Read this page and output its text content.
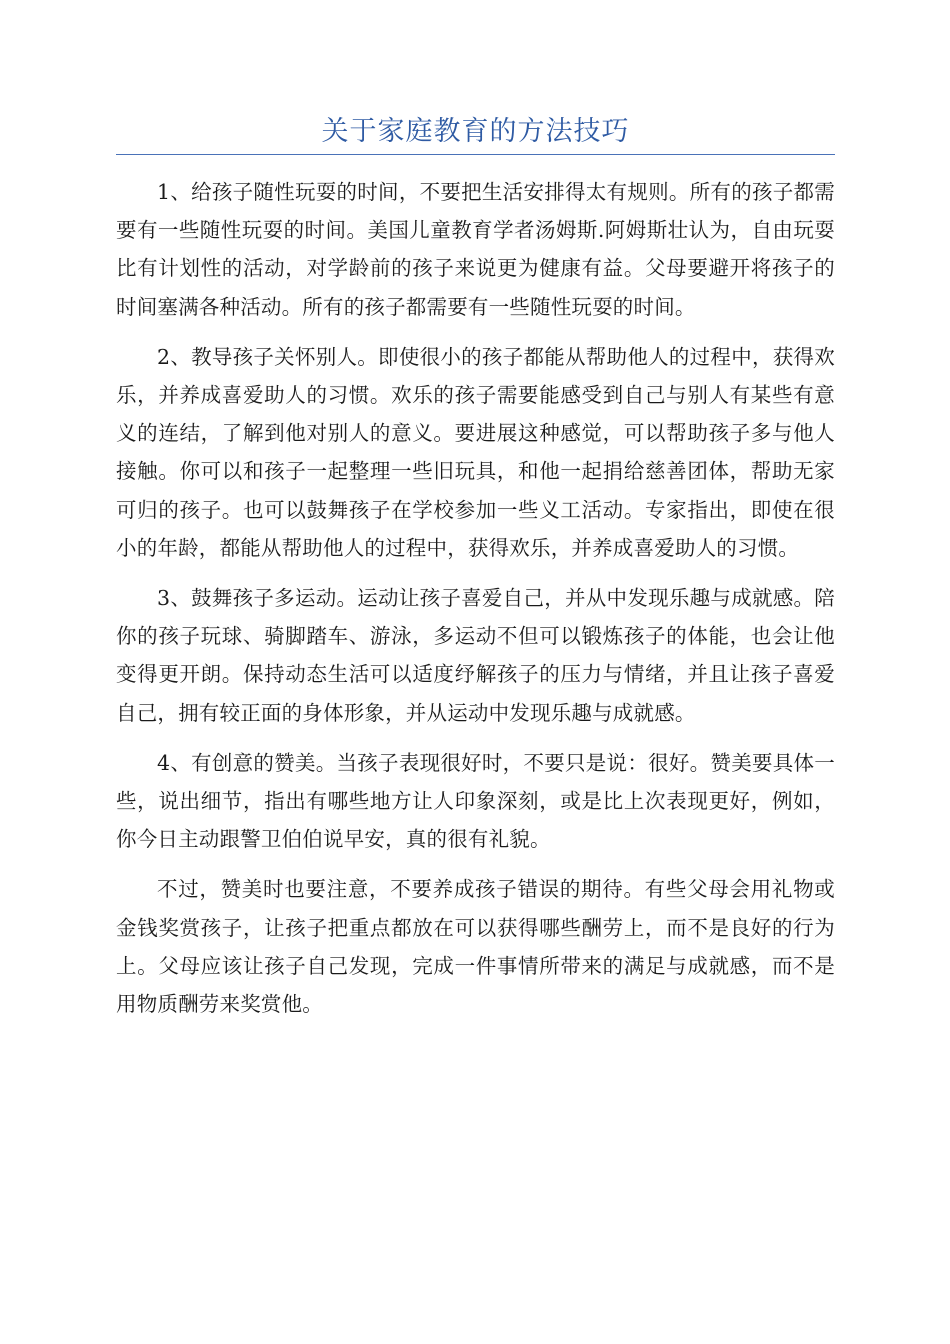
关于家庭教育的方法技巧

1、给孩子随性玩耍的时间，不要把生活安排得太有规则。所有的孩子都需要有一些随性玩耍的时间。美国儿童教育学者汤姆斯.阿姆斯壮认为，自由玩耍比有计划性的活动，对学龄前的孩子来说更为健康有益。父母要避开将孩子的时间塞满各种活动。所有的孩子都需要有一些随性玩耍的时间。

2、教导孩子关怀别人。即使很小的孩子都能从帮助他人的过程中，获得欢乐，并养成喜爱助人的习惯。欢乐的孩子需要能感受到自己与别人有某些有意义的连结，了解到他对别人的意义。要进展这种感觉，可以帮助孩子多与他人接触。你可以和孩子一起整理一些旧玩具，和他一起捐给慈善团体，帮助无家可归的孩子。也可以鼓舞孩子在学校参加一些义工活动。专家指出，即使在很小的年龄，都能从帮助他人的过程中，获得欢乐，并养成喜爱助人的习惯。

3、鼓舞孩子多运动。运动让孩子喜爱自己，并从中发现乐趣与成就感。陪你的孩子玩球、骑脚踏车、游泳，多运动不但可以锻炼孩子的体能，也会让他变得更开朗。保持动态生活可以适度纾解孩子的压力与情绪，并且让孩子喜爱自己，拥有较正面的身体形象，并从运动中发现乐趣与成就感。

4、有创意的赞美。当孩子表现很好时，不要只是说：很好。赞美要具体一些，说出细节，指出有哪些地方让人印象深刻，或是比上次表现更好，例如，你今日主动跟警卫伯伯说早安，真的很有礼貌。

不过，赞美时也要注意，不要养成孩子错误的期待。有些父母会用礼物或金钱奖赏孩子，让孩子把重点都放在可以获得哪些酬劳上，而不是良好的行为上。父母应该让孩子自己发现，完成一件事情所带来的满足与成就感，而不是用物质酬劳来奖赏他。
